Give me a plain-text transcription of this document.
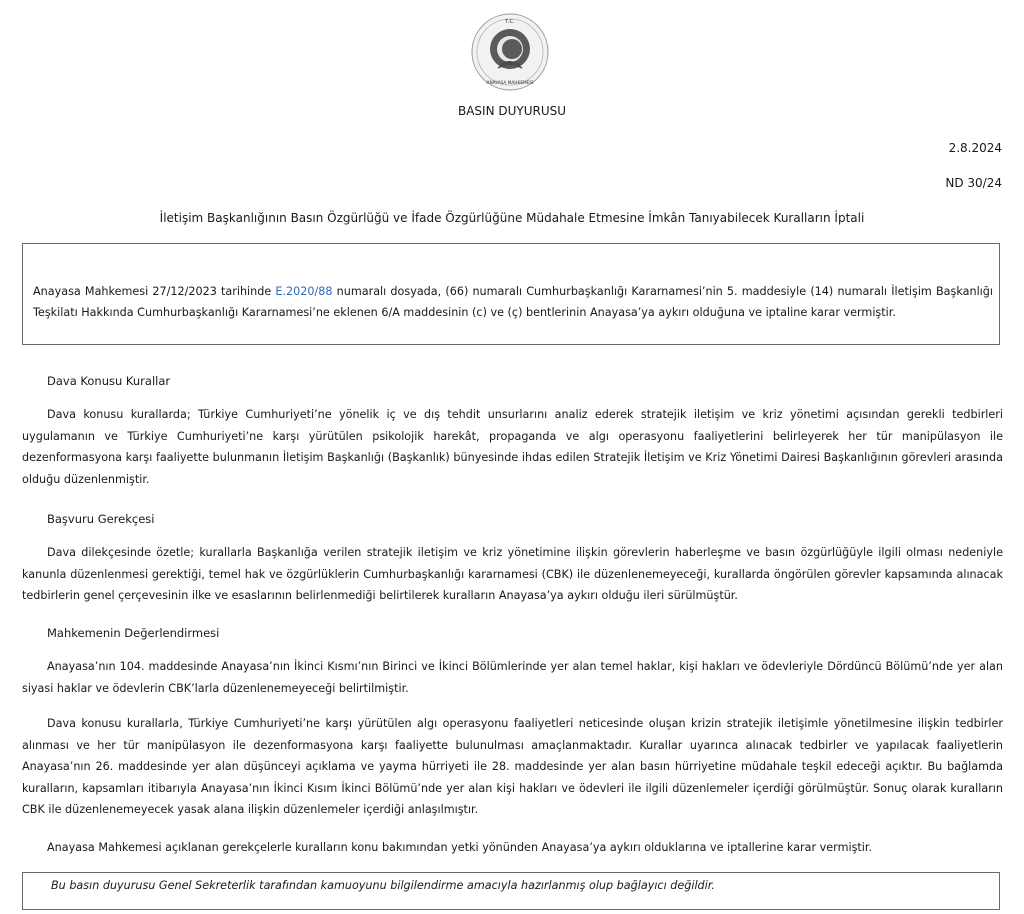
T.C.
ANAYASA MAHKEMESİ
BASIN DUYURUSU
2.8.2024
ND 30/24
İletişim Başkanlığının Basın Özgürlüğü ve İfade Özgürlüğüne Müdahale Etmesine İmkân Tanıyabilecek Kuralların İptali
Anayasa Mahkemesi 27/12/2023 tarihinde E.2020/88 numaralı dosyada, (66) numaralı Cumhurbaşkanlığı Kararnamesi’nin 5. maddesiyle (14) numaralı İletişim Başkanlığı Teşkilatı Hakkında Cumhurbaşkanlığı Kararnamesi’ne eklenen 6/A maddesinin (c) ve (ç) bentlerinin Anayasa’ya aykırı olduğuna ve iptaline karar vermiştir.
Dava Konusu Kurallar
Dava konusu kurallarda; Türkiye Cumhuriyeti’ne yönelik iç ve dış tehdit unsurlarını analiz ederek stratejik iletişim ve kriz yönetimi açısından gerekli tedbirleri uygulamanın ve Türkiye Cumhuriyeti’ne karşı yürütülen psikolojik harekât, propaganda ve algı operasyonu faaliyetlerini belirleyerek her tür manipülasyon ile dezenformasyona karşı faaliyette bulunmanın İletişim Başkanlığı (Başkanlık) bünyesinde ihdas edilen Stratejik İletişim ve Kriz Yönetimi Dairesi Başkanlığının görevleri arasında olduğu düzenlenmiştir.
Başvuru Gerekçesi
Dava dilekçesinde özetle; kurallarla Başkanlığa verilen stratejik iletişim ve kriz yönetimine ilişkin görevlerin haberleşme ve basın özgürlüğüyle ilgili olması nedeniyle kanunla düzenlenmesi gerektiği, temel hak ve özgürlüklerin Cumhurbaşkanlığı kararnamesi (CBK) ile düzenlenemeyeceği, kurallarda öngörülen görevler kapsamında alınacak tedbirlerin genel çerçevesinin ilke ve esaslarının belirlenmediği belirtilerek kuralların Anayasa’ya aykırı olduğu ileri sürülmüştür.
Mahkemenin Değerlendirmesi
Anayasa’nın 104. maddesinde Anayasa’nın İkinci Kısmı’nın Birinci ve İkinci Bölümlerinde yer alan temel haklar, kişi hakları ve ödevleriyle Dördüncü Bölümü’nde yer alan siyasi haklar ve ödevlerin CBK’larla düzenlenemeyeceği belirtilmiştir.
Dava konusu kurallarla, Türkiye Cumhuriyeti’ne karşı yürütülen algı operasyonu faaliyetleri neticesinde oluşan krizin stratejik iletişimle yönetilmesine ilişkin tedbirler alınması ve her tür manipülasyon ile dezenformasyona karşı faaliyette bulunulması amaçlanmaktadır. Kurallar uyarınca alınacak tedbirler ve yapılacak faaliyetlerin Anayasa’nın 26. maddesinde yer alan düşünceyi açıklama ve yayma hürriyeti ile 28. maddesinde yer alan basın hürriyetine müdahale teşkil edeceği açıktır. Bu bağlamda kuralların, kapsamları itibarıyla Anayasa’nın İkinci Kısım İkinci Bölümü’nde yer alan kişi hakları ve ödevleri ile ilgili düzenlemeler içerdiği görülmüştür. Sonuç olarak kuralların CBK ile düzenlenemeyecek yasak alana ilişkin düzenlemeler içerdiği anlaşılmıştır.
Anayasa Mahkemesi açıklanan gerekçelerle kuralların konu bakımından yetki yönünden Anayasa’ya aykırı olduklarına ve iptallerine karar vermiştir.
Bu basın duyurusu Genel Sekreterlik tarafından kamuoyunu bilgilendirme amacıyla hazırlanmış olup bağlayıcı değildir.
